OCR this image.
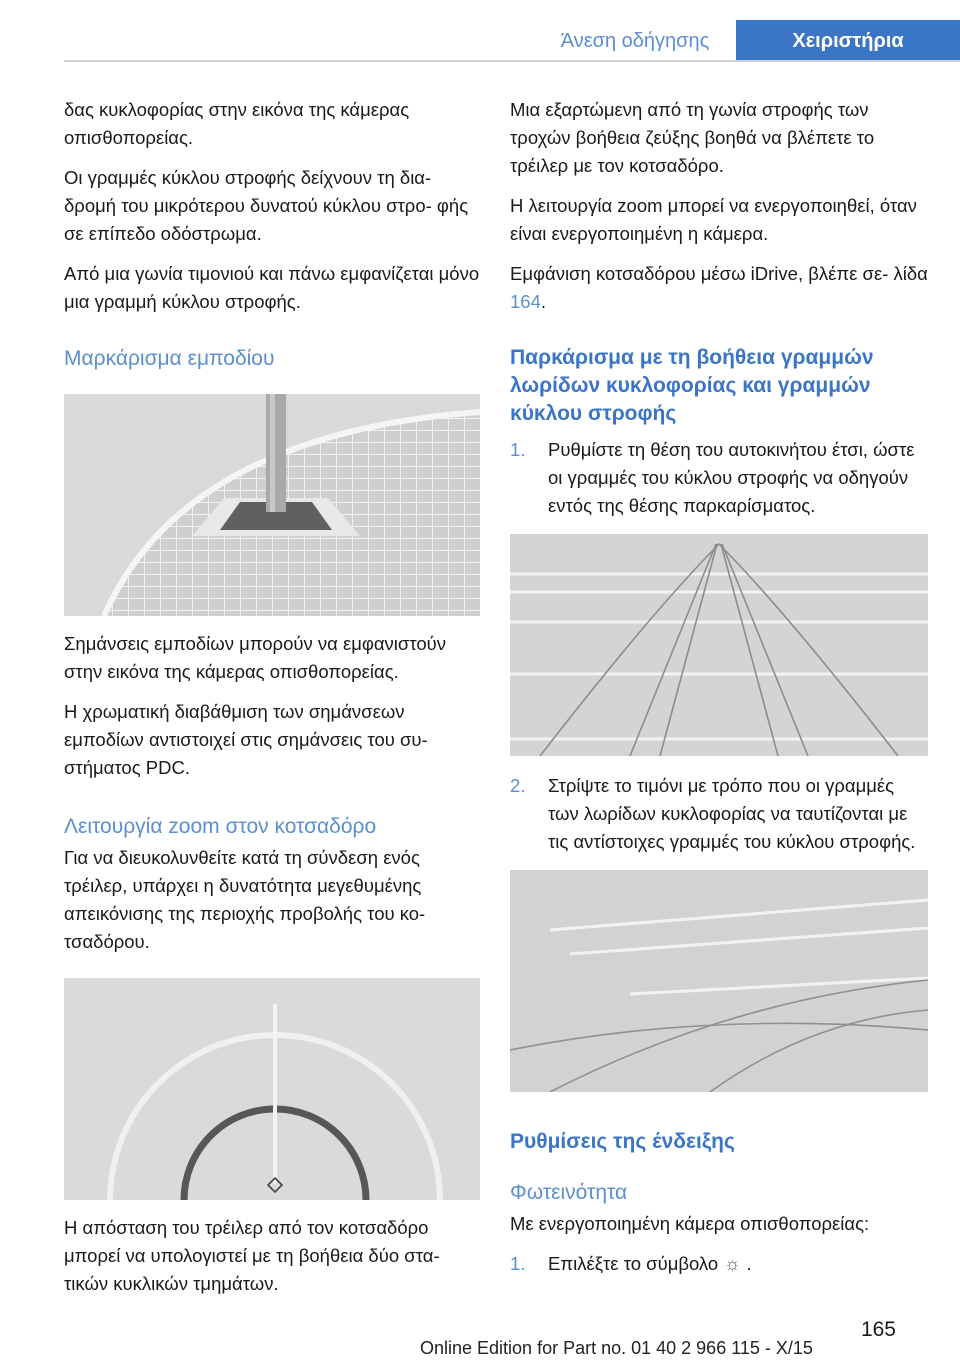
Άνεση οδήγησης	Χειριστήρια

δας κυκλοφορίας στην εικόνα της κάμερας οπισθοπορείας.

Οι γραμμές κύκλου στροφής δείχνουν τη δια‐ δρομή του μικρότερου δυνατού κύκλου στρο‐ φής σε επίπεδο οδόστρωμα.

Από μια γωνία τιμονιού και πάνω εμφανίζεται μόνο μια γραμμή κύκλου στροφής.

Μαρκάρισμα εμποδίου

Σημάνσεις εμποδίων μπορούν να εμφανιστούν στην εικόνα της κάμερας οπισθοπορείας.

Η χρωματική διαβάθμιση των σημάνσεων εμποδίων αντιστοιχεί στις σημάνσεις του συ‐ στήματος PDC.

Λειτουργία zoom στον κοτσαδόρο

Για να διευκολυνθείτε κατά τη σύνδεση ενός τρέιλερ, υπάρχει η δυνατότητα μεγεθυμένης απεικόνισης της περιοχής προβολής του κο‐ τσαδόρου.

Η απόσταση του τρέιλερ από τον κοτσαδόρο μπορεί να υπολογιστεί με τη βοήθεια δύο στα‐ τικών κυκλικών τμημάτων.

Μια εξαρτώμενη από τη γωνία στροφής των τροχών βοήθεια ζεύξης βοηθά να βλέπετε το τρέιλερ με τον κοτσαδόρο.

Η λειτουργία zoom μπορεί να ενεργοποιηθεί, όταν είναι ενεργοποιημένη η κάμερα.

Εμφάνιση κοτσαδόρου μέσω iDrive, βλέπε σε‐ λίδα 164.

Παρκάρισμα με τη βοήθεια γραμμών λωρίδων κυκλοφορίας και γραμμών κύκλου στροφής
1. Ρυθμίστε τη θέση του αυτοκινήτου έτσι, ώστε οι γραμμές του κύκλου στροφής να οδηγούν εντός της θέσης παρκαρίσματος.
2. Στρίψτε το τιμόνι με τρόπο που οι γραμμές των λωρίδων κυκλοφορίας να ταυτίζονται με τις αντίστοιχες γραμμές του κύκλου στροφής.
Ρυθμίσεις της ένδειξης
Φωτεινότητα

Με ενεργοποιημένη κάμερα οπισθοπορείας:

1. Επιλέξτε το σύμβολο ☼ .
165
Online Edition for Part no. 01 40 2 966 115 - X/15
